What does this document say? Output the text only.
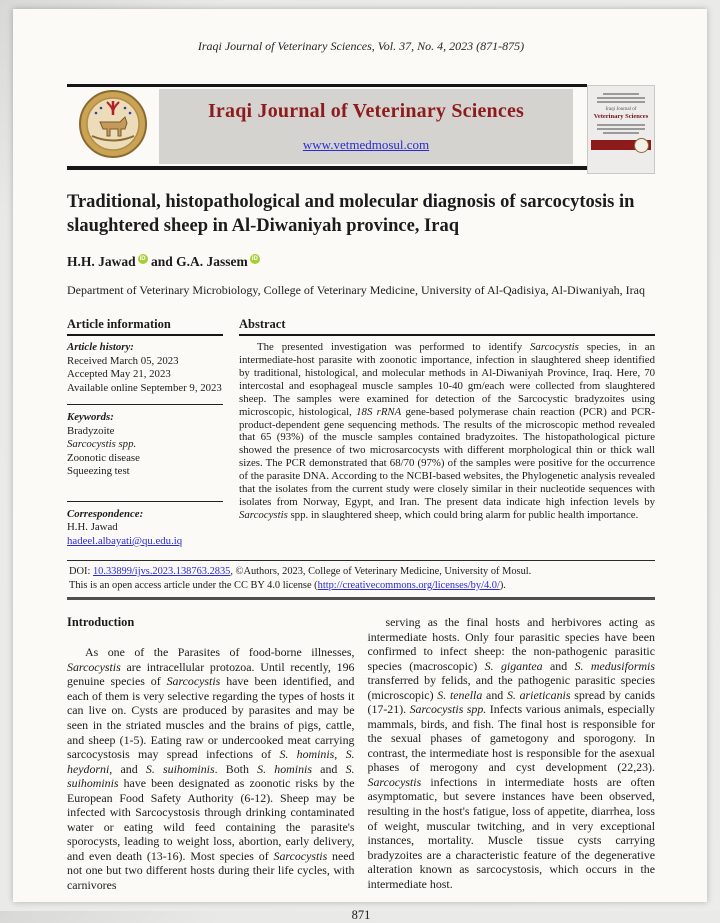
Iraqi Journal of Veterinary Sciences, Vol. 37, No. 4, 2023 (871-875)
Iraqi Journal of Veterinary Sciences
www.vetmedmosul.com
Iraqi Journal of
Veterinary Sciences
Traditional, histopathological and molecular diagnosis of sarcocytosis in slaughtered sheep in Al-Diwaniyah province, Iraq
H.H. Jawad iD and G.A. Jassem iD
Department of Veterinary Microbiology, College of Veterinary Medicine, University of Al-Qadisiya, Al-Diwaniyah, Iraq
Article information
Article history:
Received March 05, 2023
Accepted May 21, 2023
Available online September 9, 2023
Keywords:
Bradyzoite
Sarcocystis spp.
Zoonotic disease
Squeezing test
Correspondence:
H.H. Jawad
hadeel.albayati@qu.edu.iq
Abstract

The presented investigation was performed to identify Sarcocystis species, in an intermediate-host parasite with zoonotic importance, infection in slaughtered sheep identified by traditional, histological, and molecular methods in Al-Diwaniyah Province, Iraq. Here, 70 intercostal and esophageal muscle samples 10-40 gm/each were collected from slaughtered sheep. The samples were examined for detection of the Sarcocystic bradyzoites using microscopic, histological, 18S rRNA gene-based polymerase chain reaction (PCR) and PCR-product-dependent gene sequencing methods. The results of the microscopic method revealed that 65 (93%) of the muscle samples contained bradyzoites. The histopathological picture showed the presence of two microsarcocysts with different morphological thin or thick wall sizes. The PCR demonstrated that 68/70 (97%) of the samples were positive for the occurrence of the parasite DNA. According to the NCBI-based websites, the Phylogenetic analysis revealed that the isolates from the current study were closely similar in their nucleotide sequences with isolates from Norway, Egypt, and Iran. The present data indicate high infection levels by Sarcocystis spp. in slaughtered sheep, which could bring alarm for public health importance.

DOI: 10.33899/ijvs.2023.138763.2835, ©Authors, 2023, College of Veterinary Medicine, University of Mosul.
This is an open access article under the CC BY 4.0 license (http://creativecommons.org/licenses/by/4.0/).
Introduction

As one of the Parasites of food-borne illnesses, Sarcocystis are intracellular protozoa. Until recently, 196 genuine species of Sarcocystis have been identified, and each of them is very selective regarding the types of hosts it can live on. Cysts are produced by parasites and may be seen in the striated muscles and the brains of pigs, cattle, and sheep (1-5). Eating raw or undercooked meat carrying sarcocystosis may spread infections of S. hominis, S. heydorni, and S. suihominis. Both S. hominis and S. suihominis have been designated as zoonotic risks by the European Food Safety Authority (6-12). Sheep may be infected with Sarcocystosis through drinking contaminated water or eating wild feed containing the parasite's sporocysts, leading to weight loss, abortion, early delivery, and even death (13-16). Most species of Sarcocystis need not one but two different hosts during their life cycles, with carnivores

serving as the final hosts and herbivores acting as intermediate hosts. Only four parasitic species have been confirmed to infect sheep: the non-pathogenic parasitic species (macroscopic) S. gigantea and S. medusiformis transferred by felids, and the pathogenic parasitic species (microscopic) S. tenella and S. arieticanis spread by canids (17-21). Sarcocystis spp. Infects various animals, especially mammals, birds, and fish. The final host is responsible for the sexual phases of gametogony and sporogony. In contrast, the intermediate host is responsible for the asexual phases of merogony and cyst development (22,23). Sarcocystis infections in intermediate hosts are often asymptomatic, but severe instances have been observed, resulting in the host's fatigue, loss of appetite, diarrhea, loss of weight, muscular twitching, and in very exceptional instances, mortality. Muscle tissue cysts carrying bradyzoites are a characteristic feature of the degenerative alteration known as sarcocystosis, which occurs in the intermediate host.

871
